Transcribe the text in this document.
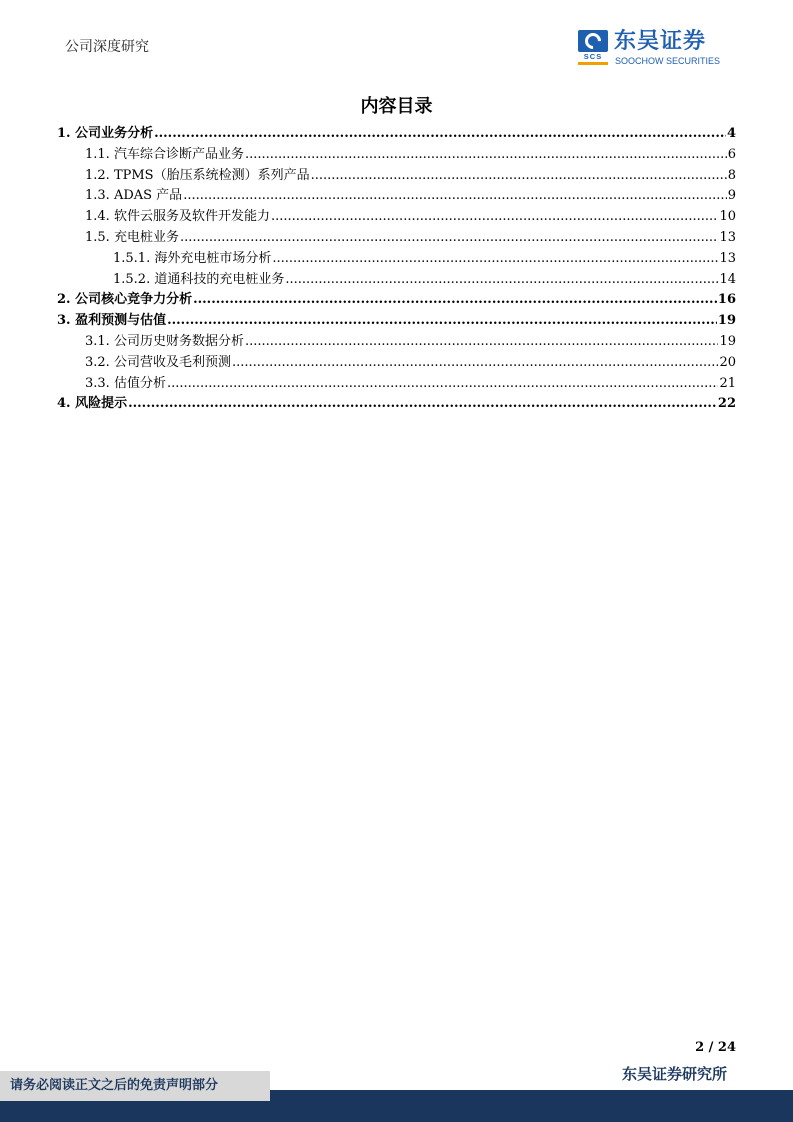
公司深度研究
SCS
东吴证券
SOOCHOW SECURITIES
内容目录
1. 公司业务分析 .....	4
1.1. 汽车综合诊断产品业务 .....	6
1.2. TPMS（胎压系统检测）系列产品 .....	8
1.3. ADAS 产品 .....	9
1.4. 软件云服务及软件开发能力 .....	10
1.5. 充电桩业务 .....	13
1.5.1. 海外充电桩市场分析 .....	13
1.5.2. 道通科技的充电桩业务 .....	14
2. 公司核心竞争力分析 .....	16
3. 盈利预测与估值 .....	19
3.1. 公司历史财务数据分析 .....	19
3.2. 公司营收及毛利预测 .....	20
3.3. 估值分析 .....	21
4. 风险提示 .....	22
2 / 24
东吴证券研究所
请务必阅读正文之后的免责声明部分
